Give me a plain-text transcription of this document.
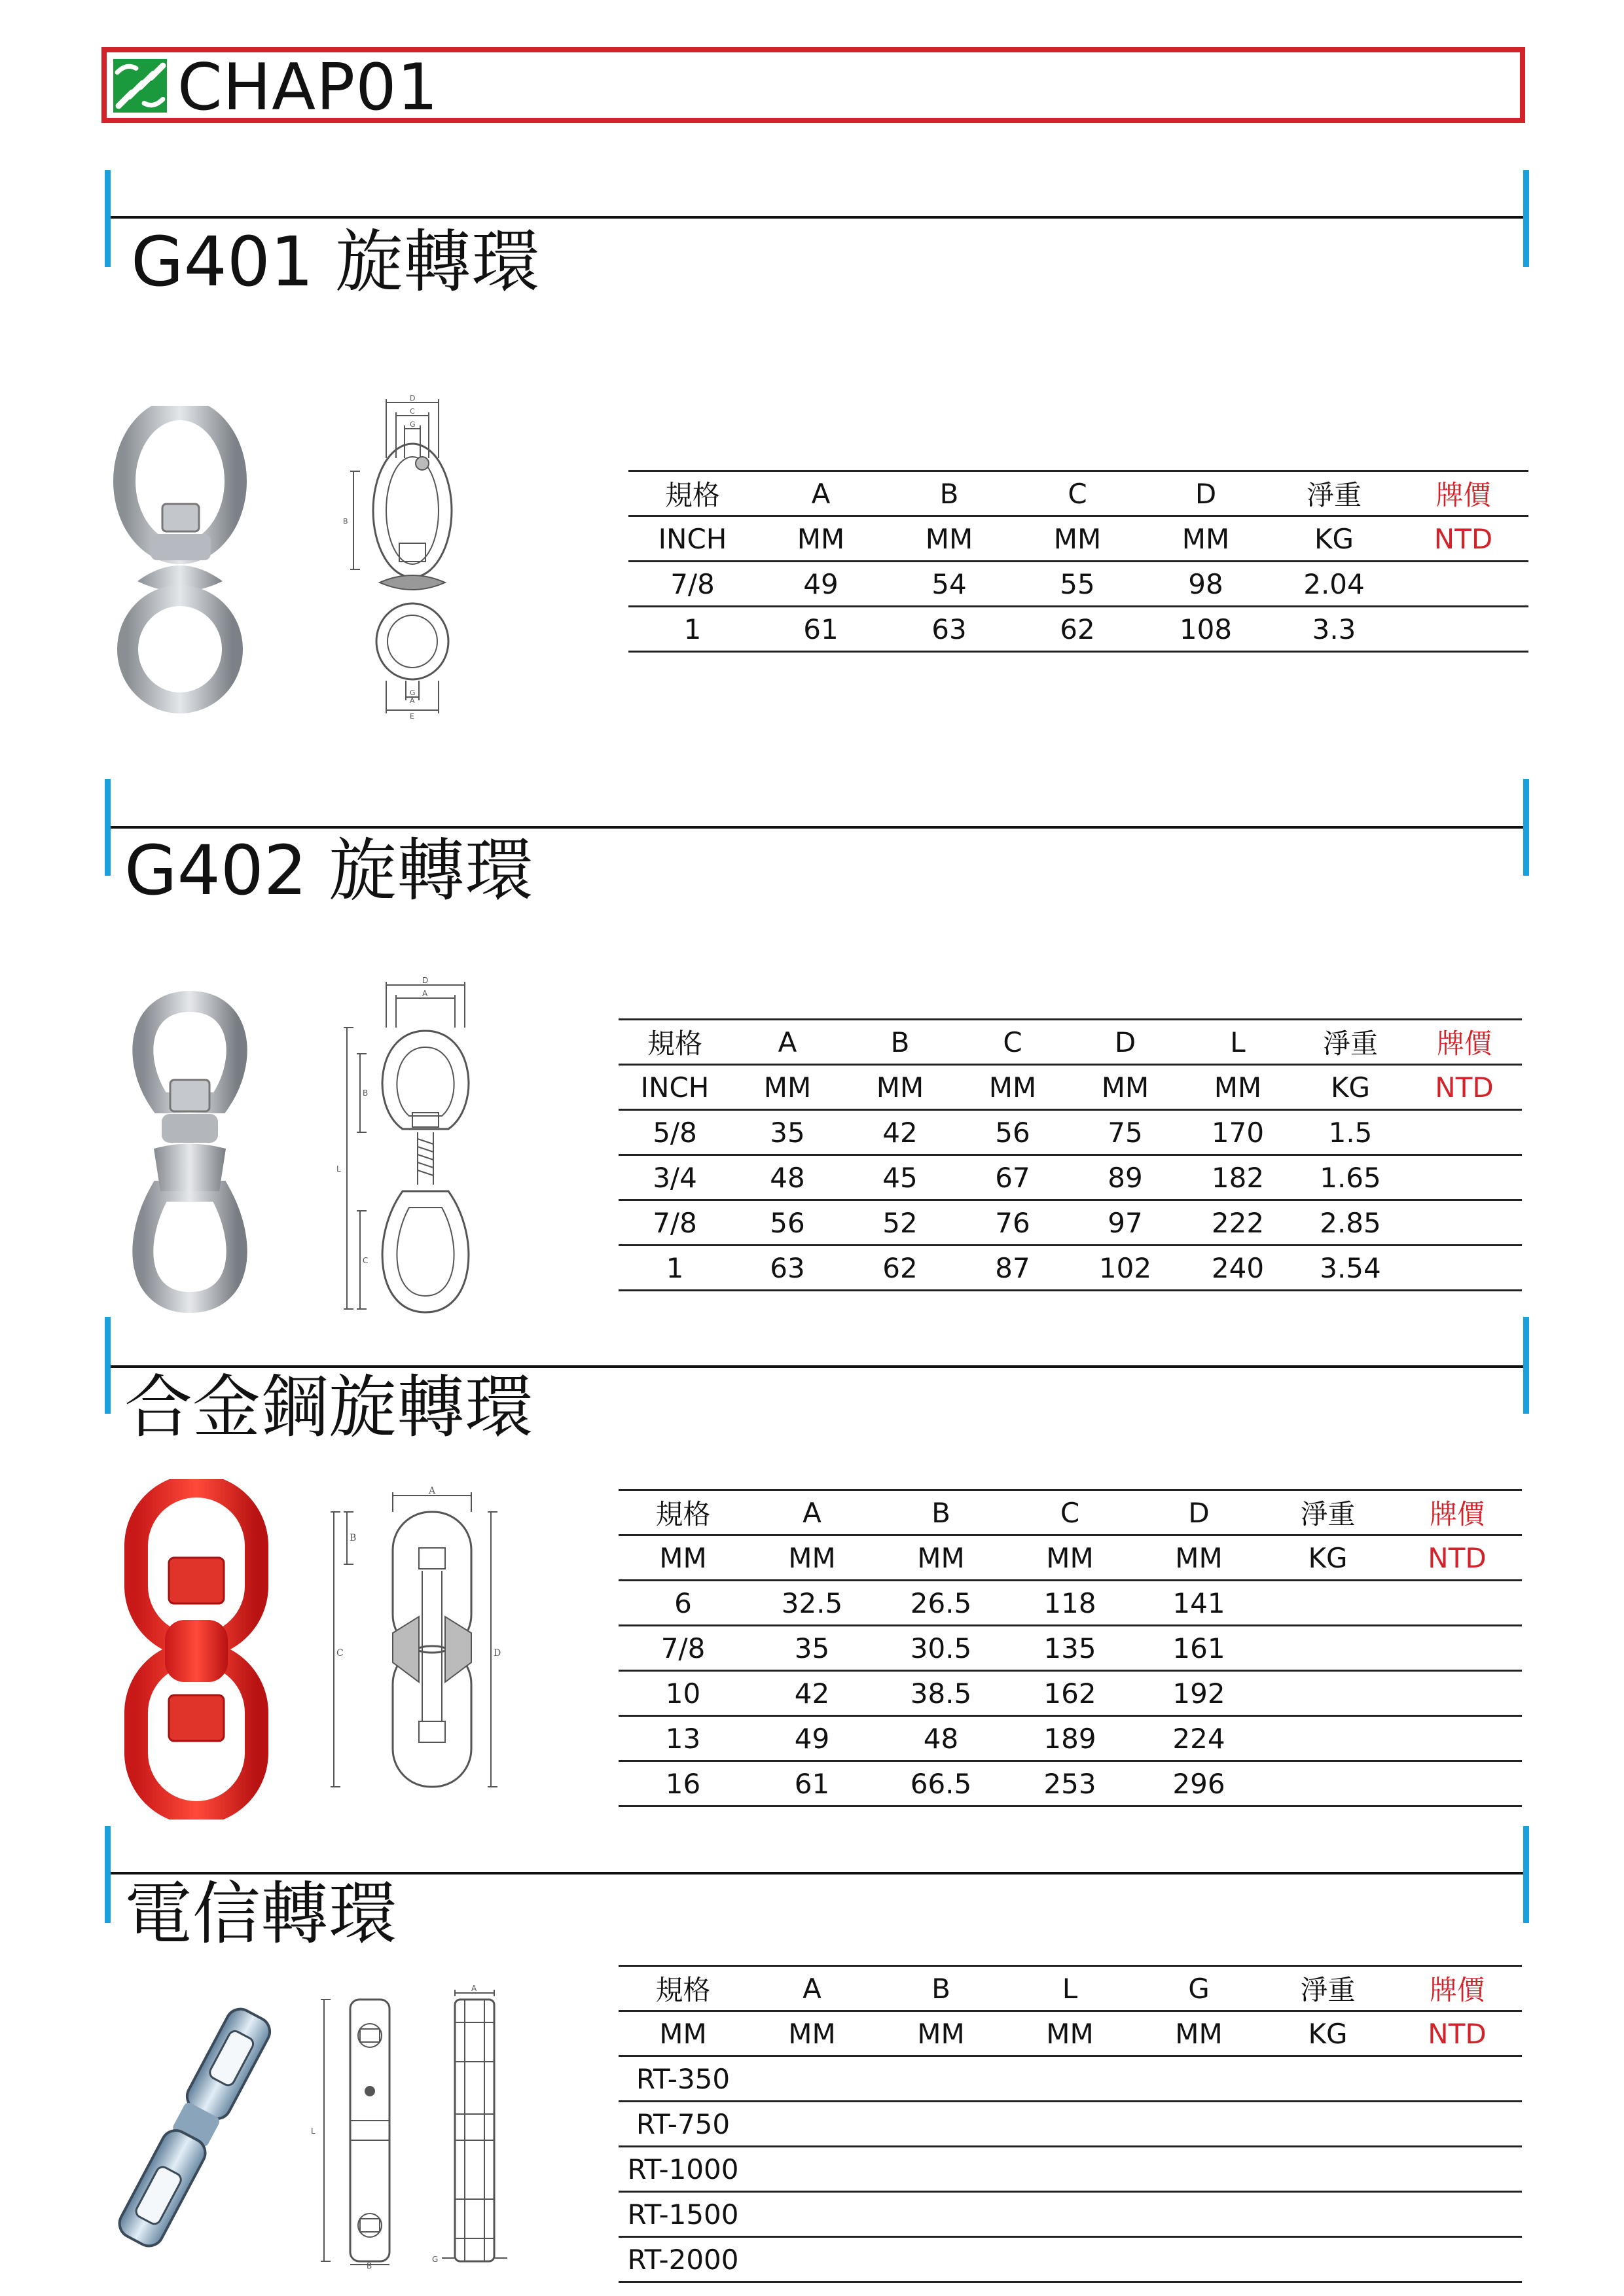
CHAP01
G401 旋轉環
D
C
G
B
G
A
E
規格	A	B	C	D	淨重	牌價
INCH	MM	MM	MM	MM	KG	NTD
7/8	49	54	55	98	2.04	
1	61	63	62	108	3.3	
G402 旋轉環
D
A
B
L
C
規格	A	B	C	D	L	淨重	牌價
INCH	MM	MM	MM	MM	MM	KG	NTD
5/8	35	42	56	75	170	1.5	
3/4	48	45	67	89	182	1.65	
7/8	56	52	76	97	222	2.85	
1	63	62	87	102	240	3.54	
合金鋼旋轉環
A
B
C	D
規格	A	B	C	D	淨重	牌價
MM	MM	MM	MM	MM	KG	NTD
6	32.5	26.5	118	141		
7/8	35	30.5	135	161		
10	42	38.5	162	192		
13	49	48	189	224		
16	61	66.5	253	296		
電信轉環
L
B
A
G
規格	A	B	L	G	淨重	牌價
MM	MM	MM	MM	MM	KG	NTD
RT-350						
RT-750						
RT-1000						
RT-1500						
RT-2000						
